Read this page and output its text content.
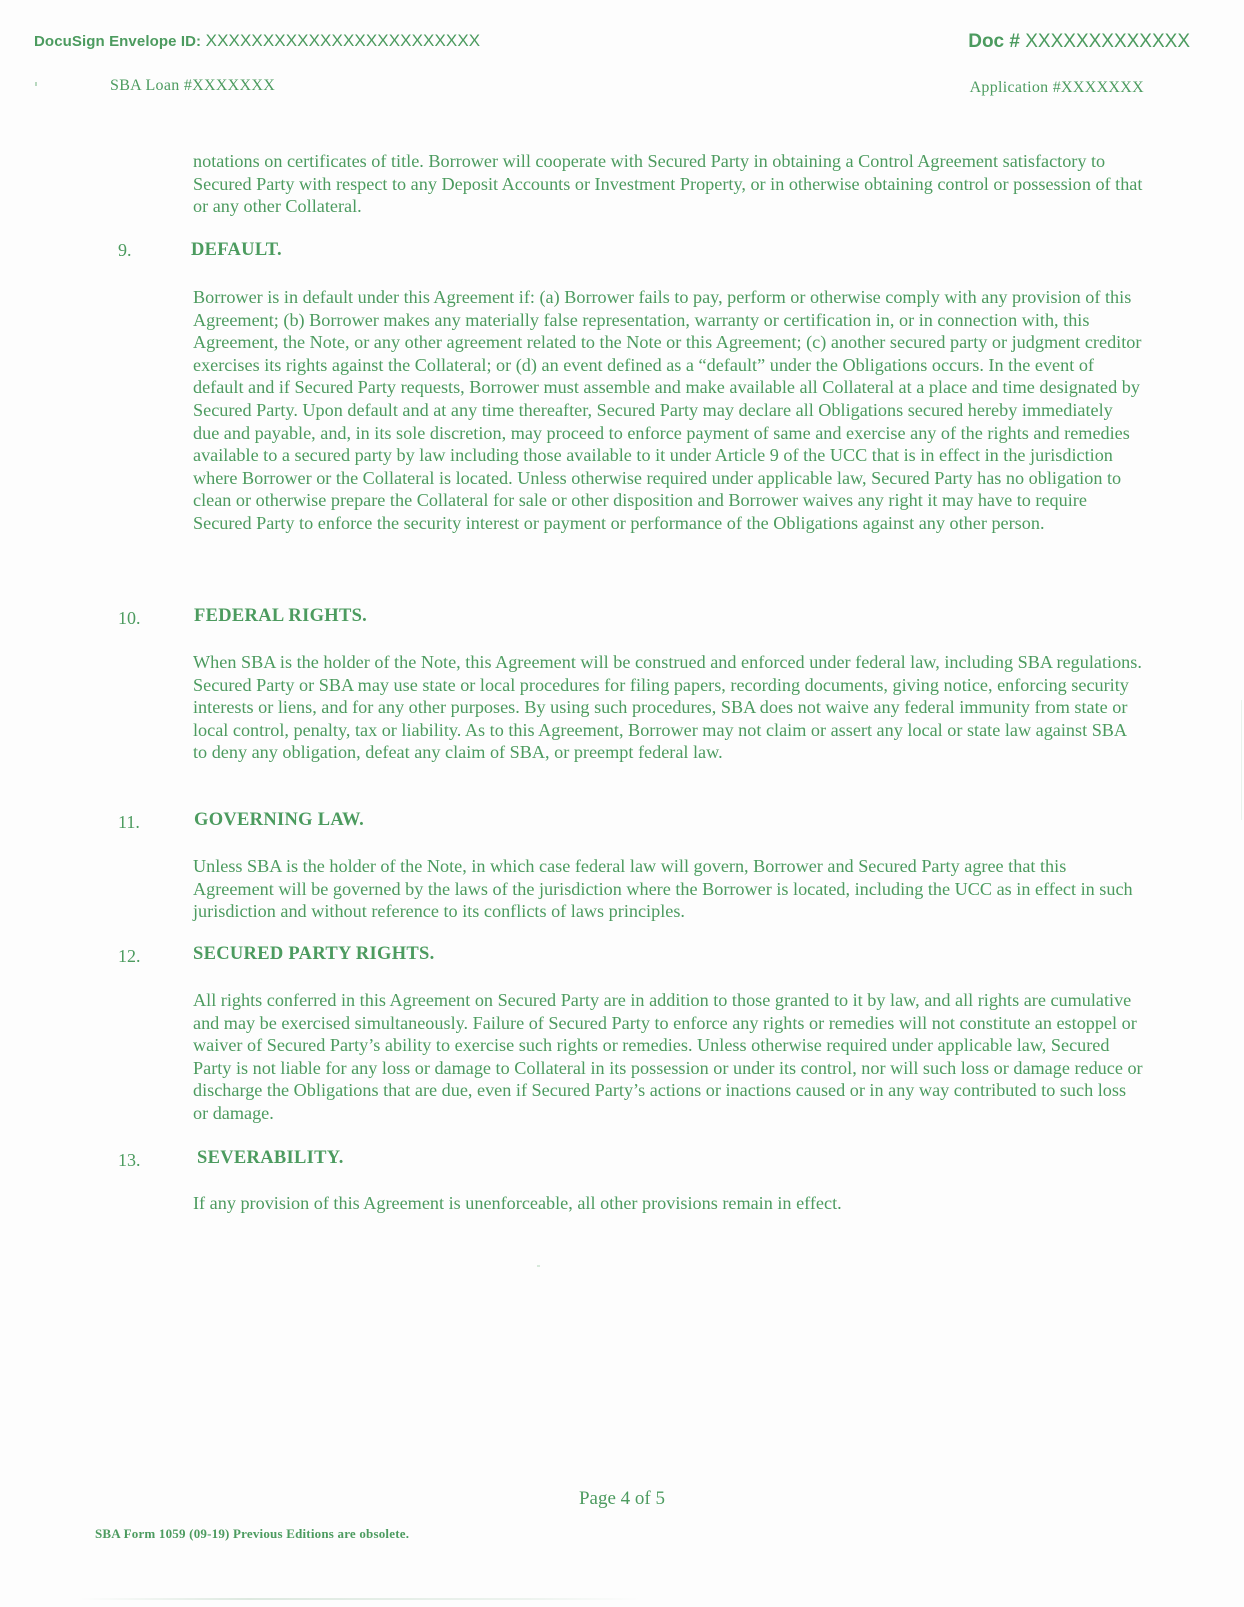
DocuSign Envelope ID: XXXXXXXXXXXXXXXXXXXXXXXX	Doc # XXXXXXXXXXXXX
SBA Loan #XXXXXXX	Application #XXXXXXX

notations on certificates of title. Borrower will cooperate with Secured Party in obtaining a Control Agreement satisfactory to Secured Party with respect to any Deposit Accounts or Investment Property, or in otherwise obtaining control or possession of that or any other Collateral.

9.	DEFAULT.

Borrower is in default under this Agreement if: (a) Borrower fails to pay, perform or otherwise comply with any provision of this Agreement; (b) Borrower makes any materially false representation, warranty or certification in, or in connection with, this Agreement, the Note, or any other agreement related to the Note or this Agreement; (c) another secured party or judgment creditor exercises its rights against the Collateral; or (d) an event defined as a “default” under the Obligations occurs. In the event of default and if Secured Party requests, Borrower must assemble and make available all Collateral at a place and time designated by Secured Party. Upon default and at any time thereafter, Secured Party may declare all Obligations secured hereby immediately due and payable, and, in its sole discretion, may proceed to enforce payment of same and exercise any of the rights and remedies available to a secured party by law including those available to it under Article 9 of the UCC that is in effect in the jurisdiction where Borrower or the Collateral is located. Unless otherwise required under applicable law, Secured Party has no obligation to clean or otherwise prepare the Collateral for sale or other disposition and Borrower waives any right it may have to require Secured Party to enforce the security interest or payment or performance of the Obligations against any other person.

10.	FEDERAL RIGHTS.

When SBA is the holder of the Note, this Agreement will be construed and enforced under federal law, including SBA regulations. Secured Party or SBA may use state or local procedures for filing papers, recording documents, giving notice, enforcing security interests or liens, and for any other purposes. By using such procedures, SBA does not waive any federal immunity from state or local control, penalty, tax or liability. As to this Agreement, Borrower may not claim or assert any local or state law against SBA to deny any obligation, defeat any claim of SBA, or preempt federal law.

11.	GOVERNING LAW.

Unless SBA is the holder of the Note, in which case federal law will govern, Borrower and Secured Party agree that this Agreement will be governed by the laws of the jurisdiction where the Borrower is located, including the UCC as in effect in such jurisdiction and without reference to its conflicts of laws principles.

12.	SECURED PARTY RIGHTS.

All rights conferred in this Agreement on Secured Party are in addition to those granted to it by law, and all rights are cumulative and may be exercised simultaneously. Failure of Secured Party to enforce any rights or remedies will not constitute an estoppel or waiver of Secured Party’s ability to exercise such rights or remedies. Unless otherwise required under applicable law, Secured Party is not liable for any loss or damage to Collateral in its possession or under its control, nor will such loss or damage reduce or discharge the Obligations that are due, even if Secured Party’s actions or inactions caused or in any way contributed to such loss or damage.

13.	SEVERABILITY.

If any provision of this Agreement is unenforceable, all other provisions remain in effect.

Page 4 of 5
SBA Form 1059 (09-19) Previous Editions are obsolete.
